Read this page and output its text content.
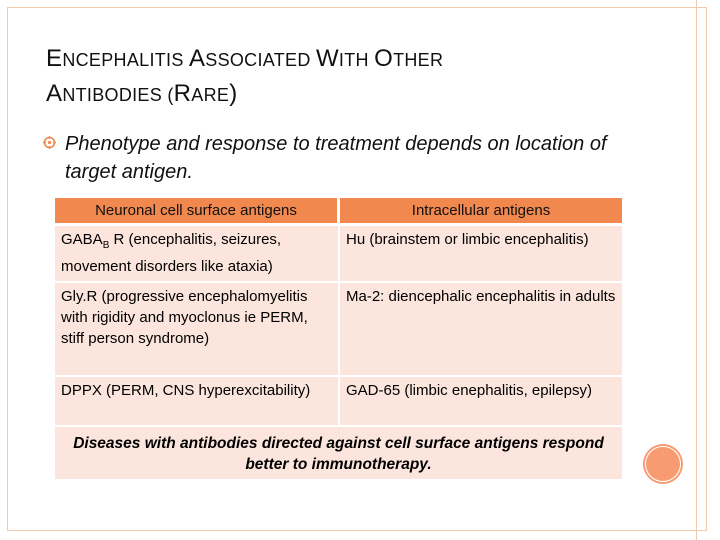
ENCEPHALITIS ASSOCIATED WITH OTHER
ANTIBODIES (RARE)
Phenotype and response to treatment depends on location of target antigen.
Neuronal cell surface antigens	Intracellular antigens
$GABA_B$ R (encephalitis, seizures, movement disorders like ataxia)	Hu (brainstem or limbic encephalitis)
Gly.R (progressive encephalomyelitis with rigidity and myoclonus ie PERM, stiff person syndrome)	Ma-2: diencephalic encephalitis in adults
DPPX (PERM, CNS hyperexcitability)	GAD-65 (limbic enephalitis, epilepsy)
Diseases with antibodies directed against cell surface antigens respond better to immunotherapy.	
